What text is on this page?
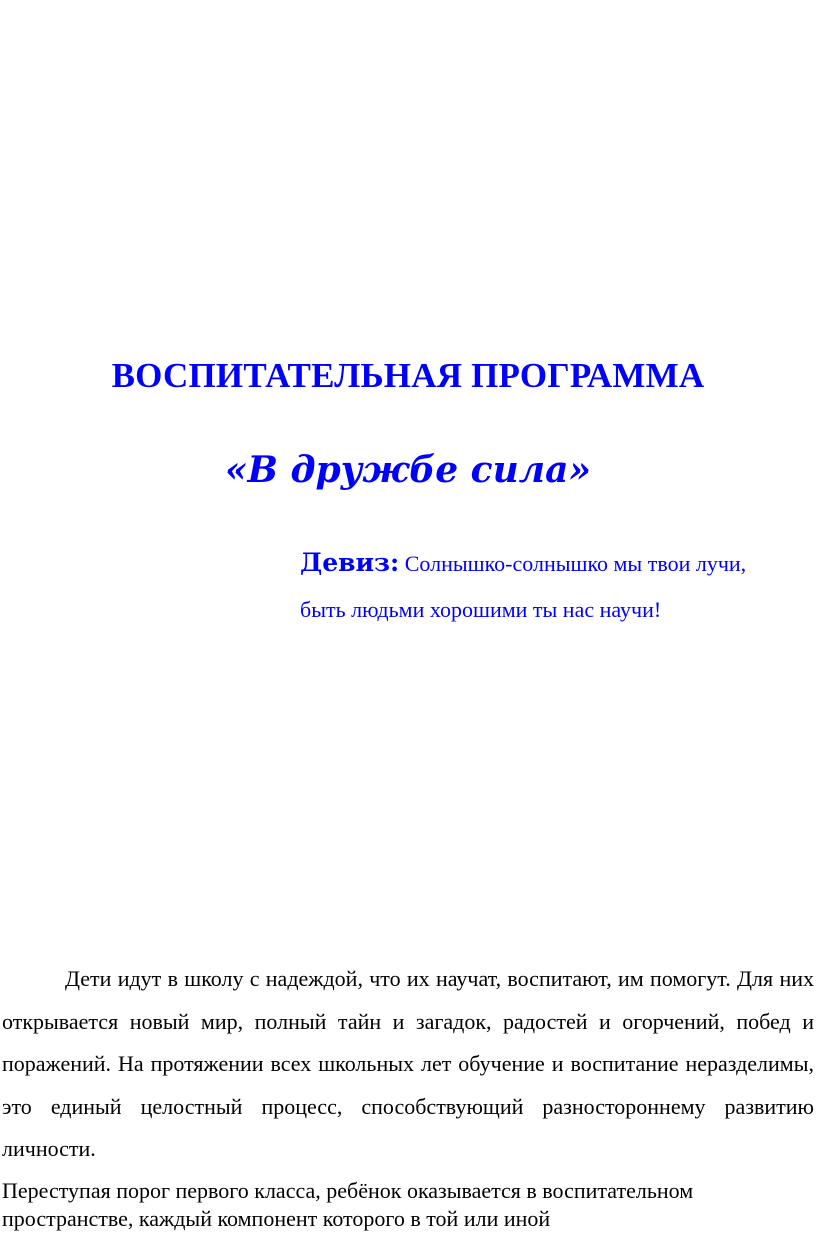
ВОСПИТАТЕЛЬНАЯ ПРОГРАММА
«В дружбе сила»
Девиз: Солнышко-солнышко мы твои лучи,
быть людьми хорошими ты нас научи!

Дети идут в школу с надеждой, что их научат, воспитают, им помогут. Для них открывается новый мир, полный тайн и загадок, радостей и огорчений, побед и поражений. На протяжении всех школьных лет обучение и воспитание неразделимы, это единый целостный процесс, способствующий разностороннему развитию личности.

Переступая порог первого класса, ребёнок оказывается в воспитательном пространстве, каждый компонент которого в той или иной
